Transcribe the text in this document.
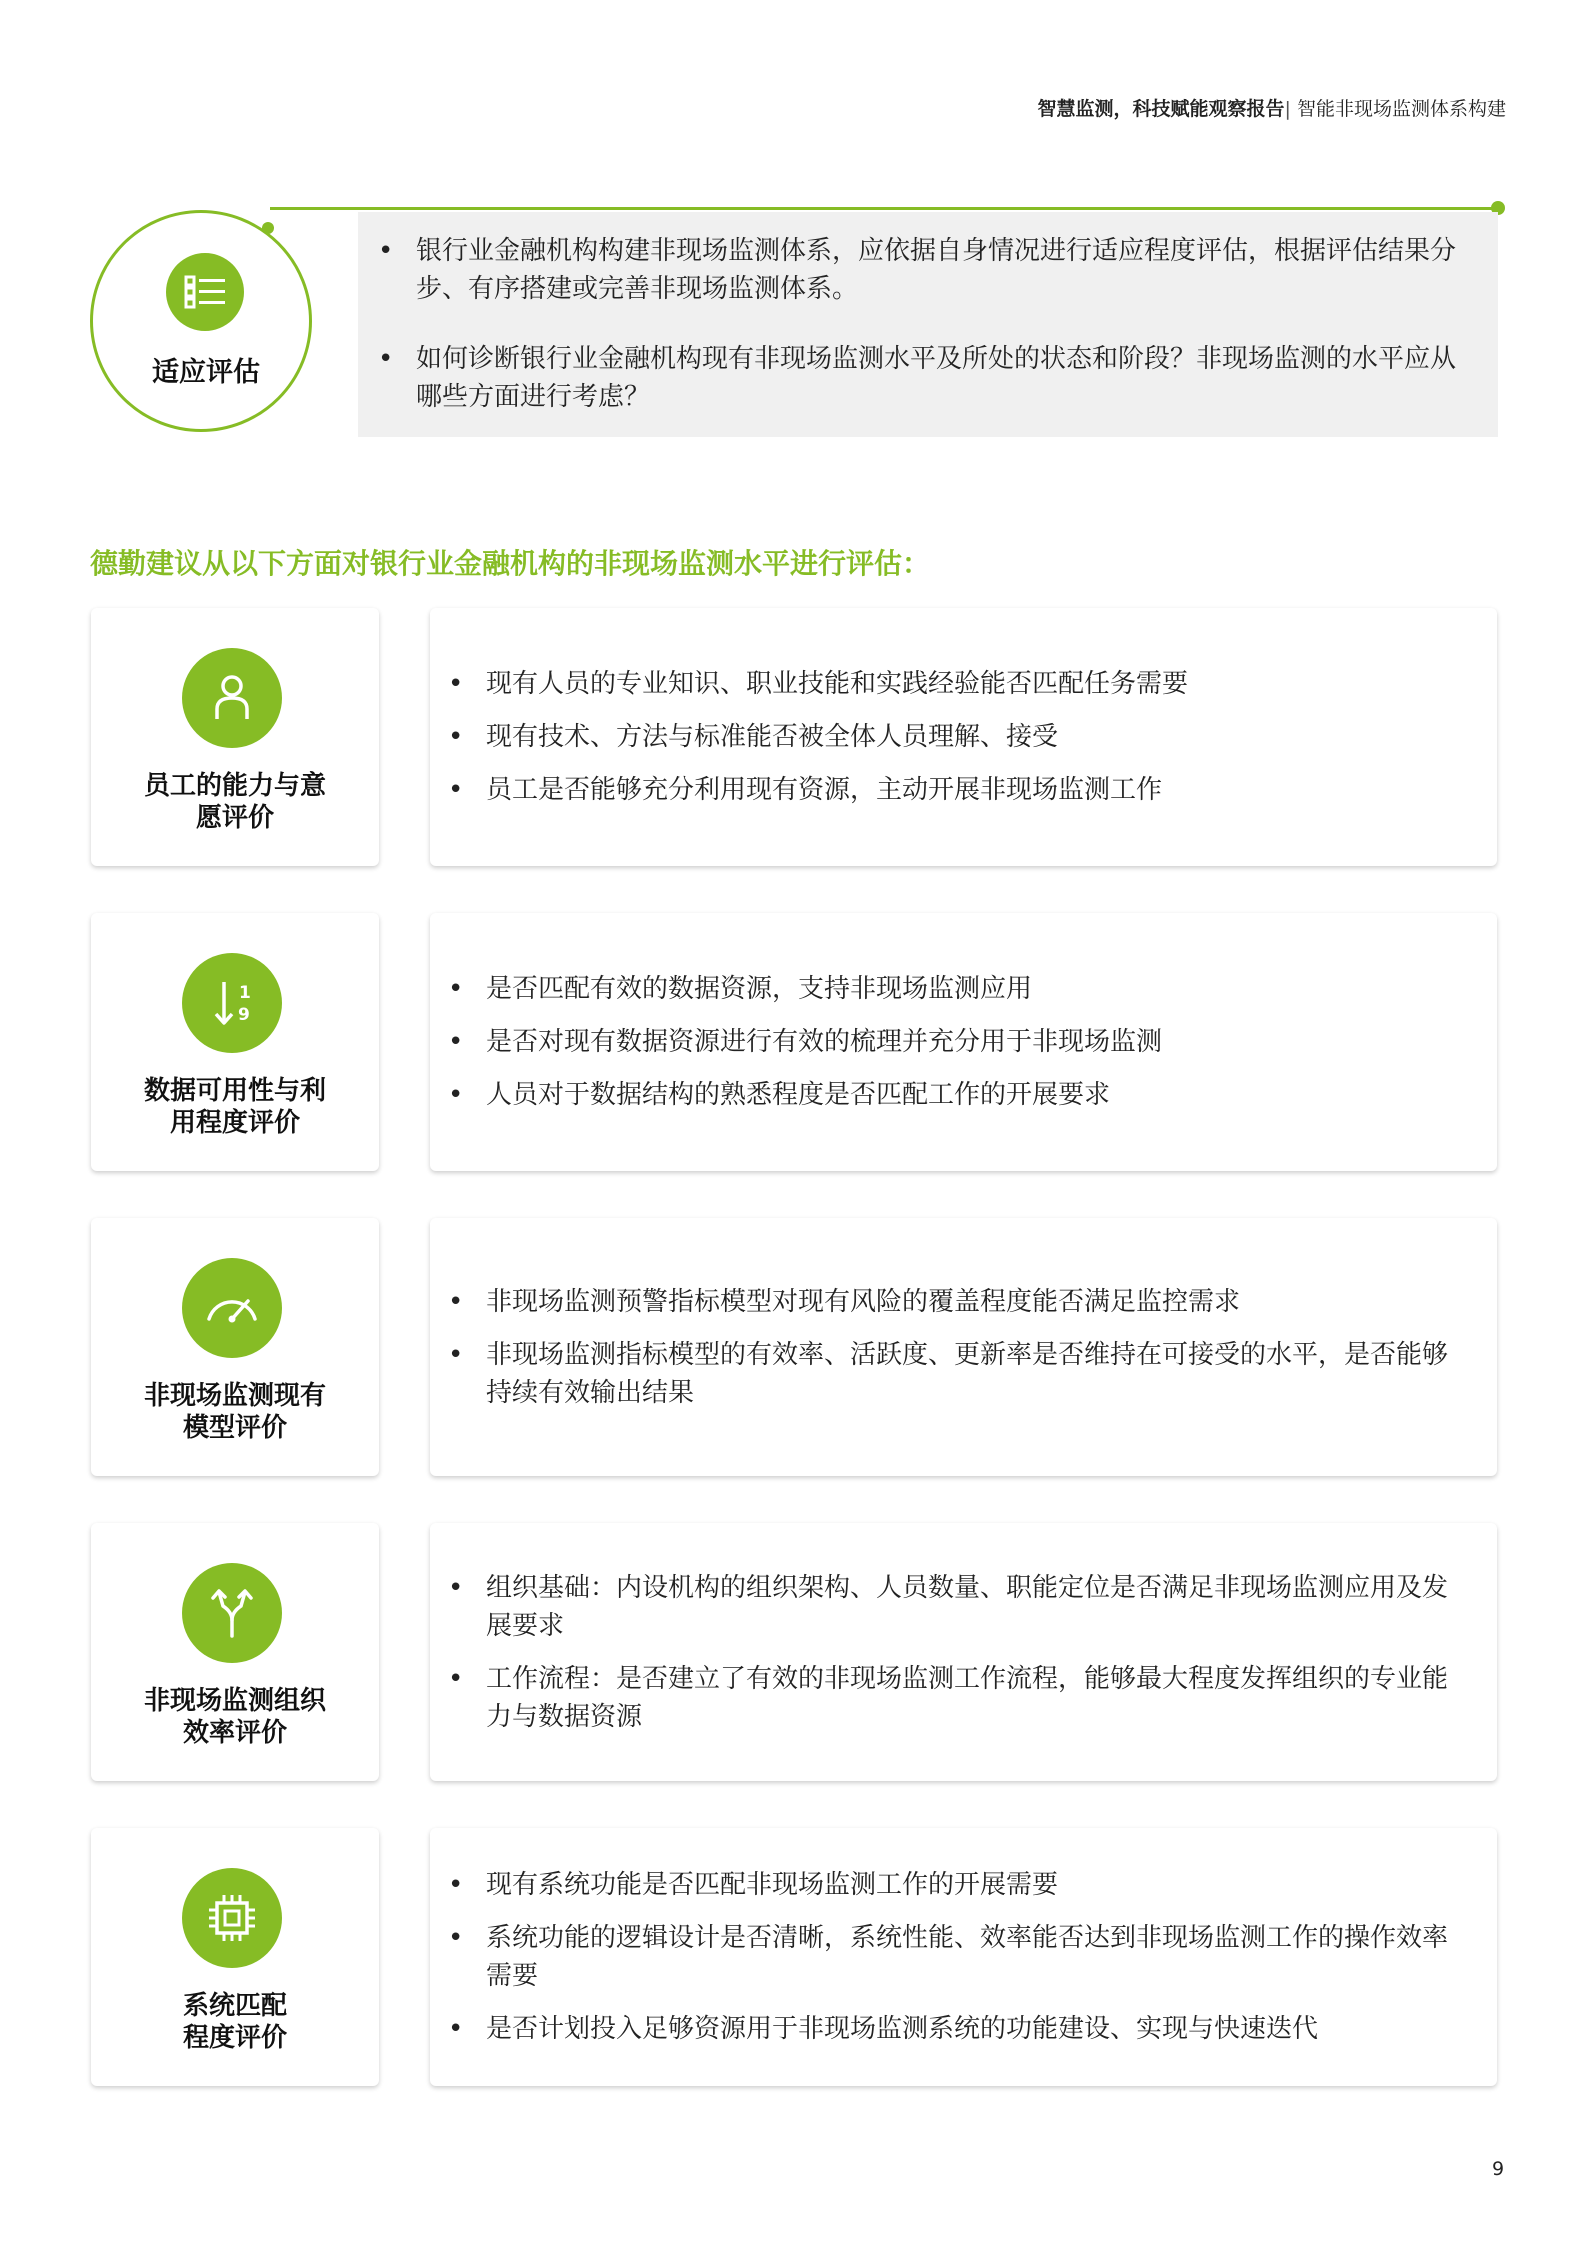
智慧监测，科技赋能观察报告| 智能非现场监测体系构建
适应评估
• 银行业金融机构构建非现场监测体系，应依据自身情况进行适应程度评估，根据评估结果分步、有序搭建或完善非现场监测体系。
• 如何诊断银行业金融机构现有非现场监测水平及所处的状态和阶段？非现场监测的水平应从哪些方面进行考虑？
德勤建议从以下方面对银行业金融机构的非现场监测水平进行评估：
员工的能力与意
愿评价
• 现有人员的专业知识、职业技能和实践经验能否匹配任务需要
• 现有技术、方法与标准能否被全体人员理解、接受
• 员工是否能够充分利用现有资源，主动开展非现场监测工作
1
9
数据可用性与利
用程度评价
• 是否匹配有效的数据资源，支持非现场监测应用
• 是否对现有数据资源进行有效的梳理并充分用于非现场监测
• 人员对于数据结构的熟悉程度是否匹配工作的开展要求
非现场监测现有
模型评价
• 非现场监测预警指标模型对现有风险的覆盖程度能否满足监控需求
• 非现场监测指标模型的有效率、活跃度、更新率是否维持在可接受的水平，是否能够持续有效输出结果
非现场监测组织
效率评价
• 组织基础：内设机构的组织架构、人员数量、职能定位是否满足非现场监测应用及发展要求
• 工作流程：是否建立了有效的非现场监测工作流程，能够最大程度发挥组织的专业能力与数据资源
系统匹配
程度评价
• 现有系统功能是否匹配非现场监测工作的开展需要
• 系统功能的逻辑设计是否清晰，系统性能、效率能否达到非现场监测工作的操作效率需要
• 是否计划投入足够资源用于非现场监测系统的功能建设、实现与快速迭代
9
